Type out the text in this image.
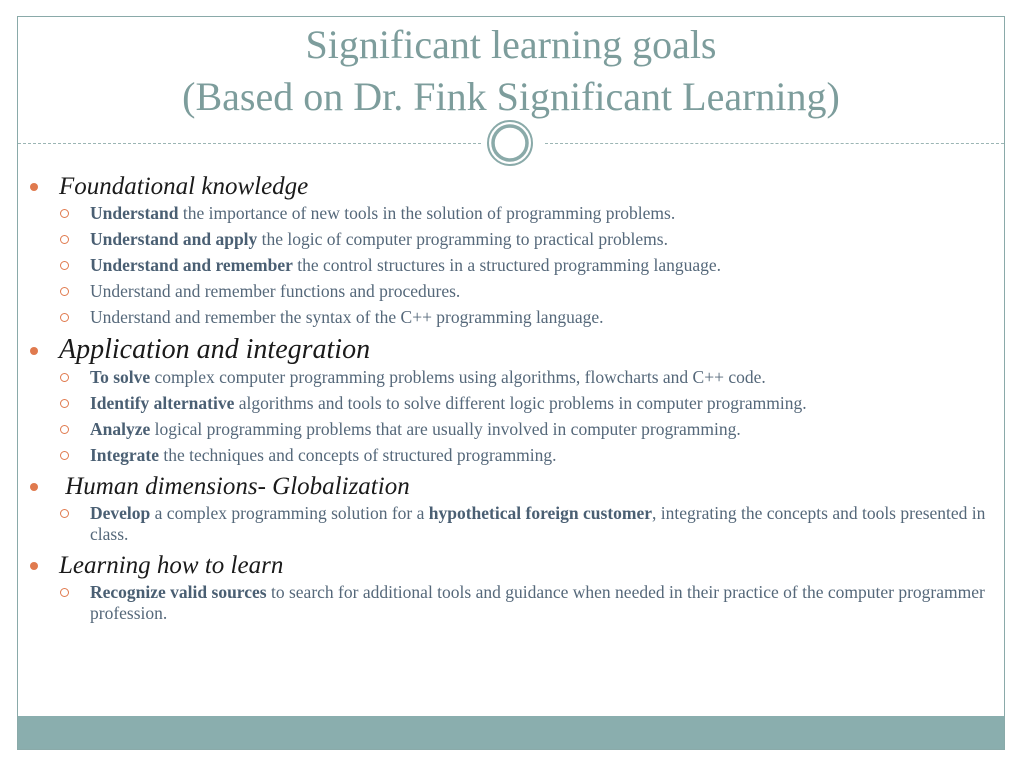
Significant learning goals
(Based on Dr. Fink Significant Learning)
Foundational knowledge
Understand the importance of new tools in the solution of programming problems.
Understand and apply the logic of computer programming to practical problems.
Understand and remember the control structures in a structured programming language.
Understand and remember functions and procedures.
Understand and remember the syntax of the C++ programming language.
Application and integration
To solve complex computer programming problems using algorithms, flowcharts and C++ code.
Identify alternative algorithms and tools to solve different logic problems in computer programming.
Analyze logical programming problems that are usually involved in computer programming.
Integrate the techniques and concepts of structured programming.
Human dimensions- Globalization
Develop a complex programming solution for a hypothetical foreign customer, integrating the concepts and tools presented in class.
Learning how to learn
Recognize valid sources to search for additional tools and guidance when needed in their practice of the computer programmer profession.
